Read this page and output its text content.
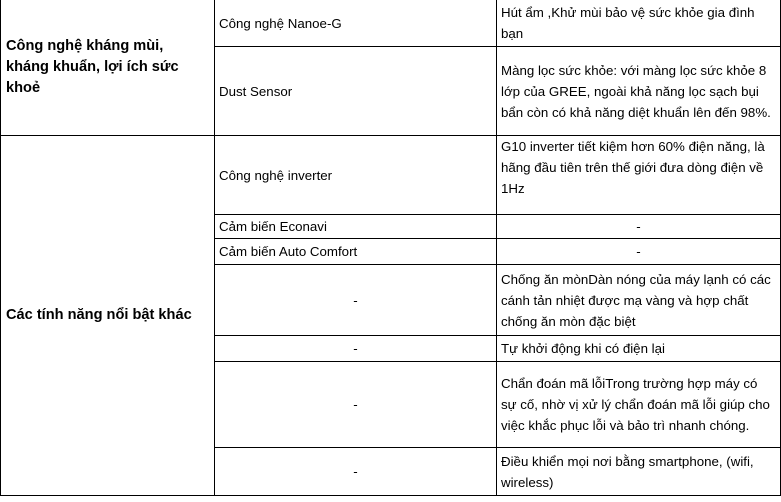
Công nghệ kháng mùi, kháng khuẩn, lợi ích sức khoẻ	Công nghệ Nanoe-G	Hút ẩm ,Khử mùi bảo vệ sức khỏe gia đình bạn
	Dust Sensor	Màng lọc sức khỏe: với màng lọc sức khỏe 8 lớp của GREE, ngoài khả năng lọc sạch bụi bẩn còn có khả năng diệt khuẩn lên đến 98%.
Các tính năng nổi bật khác	Công nghệ inverter	G10 inverter tiết kiệm hơn 60% điện năng, là hãng đầu tiên trên thế giới đưa dòng điện về 1Hz
	Cảm biến Econavi	-
	Cảm biến Auto Comfort	-
	-	Chống ăn mònDàn nóng của máy lạnh có các cánh tản nhiệt được mạ vàng và hợp chất chống ăn mòn đặc biệt
	-	Tự khởi động khi có điện lại
	-	Chẩn đoán mã lỗiTrong trường hợp máy có sự cố, nhờ vị xử lý chẩn đoán mã lỗi giúp cho việc khắc phục lỗi và bảo trì nhanh chóng.
	-	Điều khiển mọi nơi bằng smartphone, (wifi, wireless)
